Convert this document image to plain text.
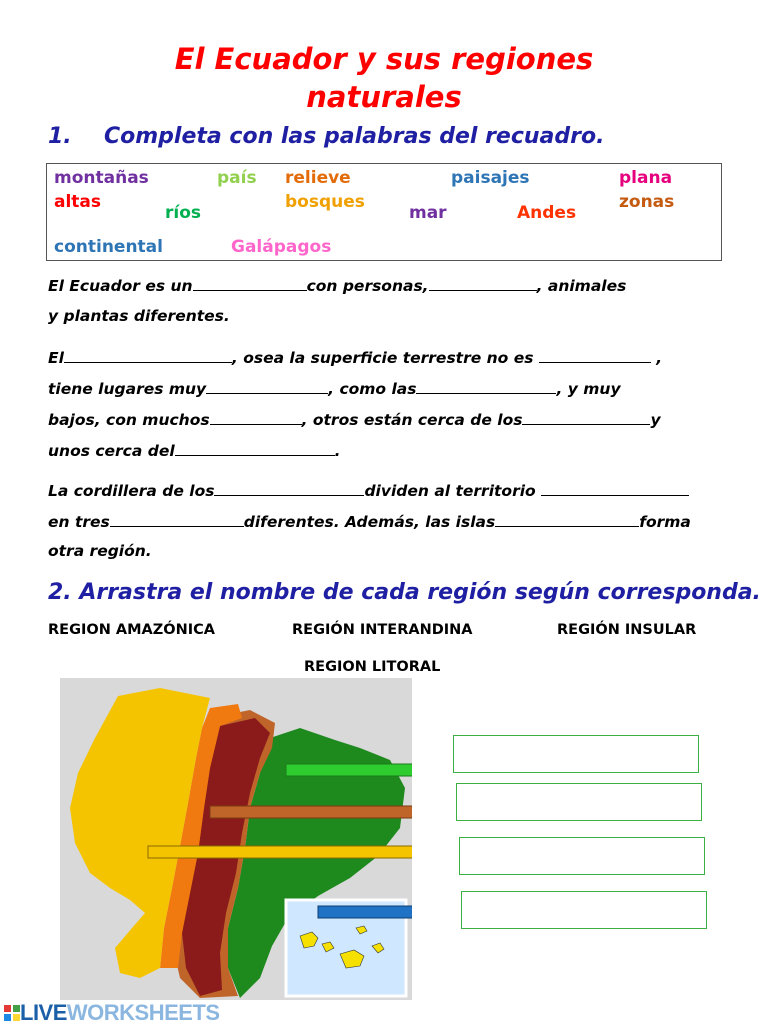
El Ecuador y sus regiones
naturales
1. Completa con las palabras del recuadro.
montañas	país relieve	paisajes	plana
altas
ríos
bosques
mar	Andes
zonas
continental	Galápagos
El Ecuador es un	con personas,	, animales
y plantas diferentes.
El	, osea la superficie terrestre no es	,
tiene lugares muy	, como las	, y muy
bajos, con muchos	, otros están cerca de los	y
unos cerca del	.
La cordillera de los	dividen al territorio
en tres	diferentes. Además, las islas	forma
otra región.
2. Arrastra el nombre de cada región según corresponda.
REGION AMAZÓNICA	REGIÓN INTERANDINA	REGIÓN INSULAR
REGION LITORAL
LIVEWORKSHEETS
